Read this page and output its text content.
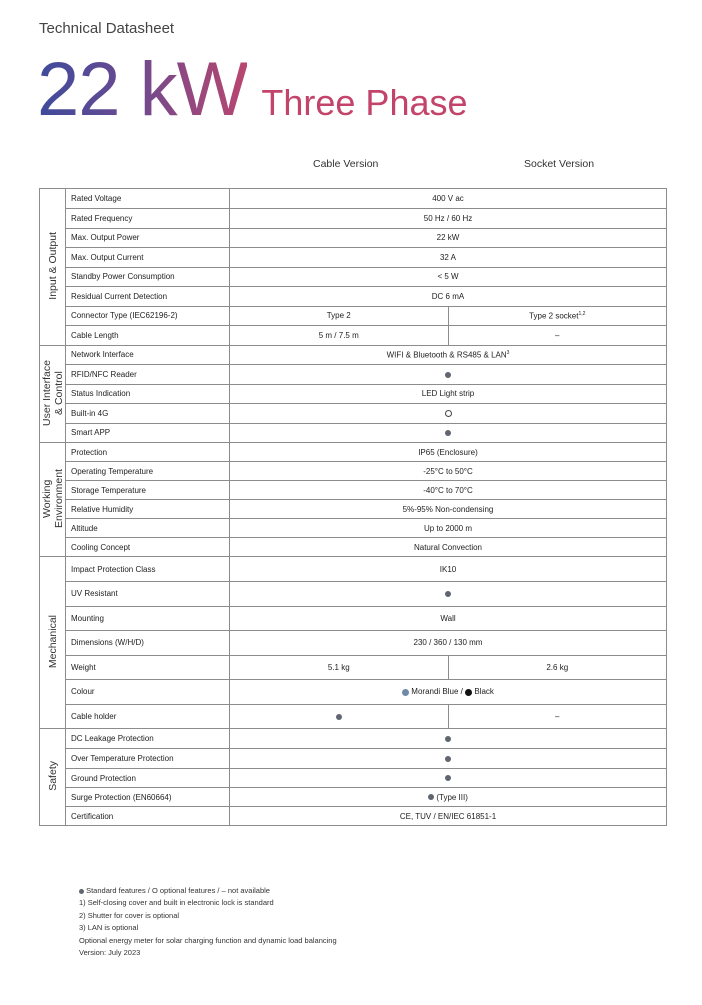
Technical Datasheet
22 kW Three Phase
Cable Version	Socket Version
Input & Output	Rated Voltage	400 V ac	
	Rated Frequency	50 Hz / 60 Hz	
	Max. Output Power	22 kW	
	Max. Output Current	32 A	
	Standby Power Consumption	< 5 W	
	Residual Current Detection	DC 6 mA	
	Connector Type (IEC62196-2)	Type 2	Type 2 socket$^{1,2}$
	Cable Length	5 m / 7.5 m	–
User Interface
& Control	Network Interface	WIFI & Bluetooth & RS485 & LAN$^3$
	RFID/NFC Reader		
	Status Indication	LED Light strip	
	Built-in 4G		
	Smart APP		
Working
Environment	Protection	IP65 (Enclosure)	
	Operating Temperature	-25°C to 50°C	
	Storage Temperature	-40°C to 70°C	
	Relative Humidity	5%-95% Non-condensing	
	Altitude	Up to 2000 m	
	Cooling Concept	Natural Convection	
Mechanical	Impact Protection Class	IK10	
	UV Resistant		
	Mounting	Wall	
	Dimensions (W/H/D)	230 / 360 / 130 mm	
	Weight	5.1 kg	2.6 kg
	Colour	Morandi Blue / Black	
	Cable holder		–
Safety	DC Leakage Protection		
	Over Temperature Protection		
	Ground Protection		
	Surge Protection (EN60664)	(Type III)	
	Certification	CE, TUV / EN/IEC 61851-1	
Standard features / O optional features / – not available
1) Self-closing cover and built in electronic lock is standard
2) Shutter for cover is optional
3) LAN is optional
Optional energy meter for solar charging function and dynamic load balancing
Version: July 2023
